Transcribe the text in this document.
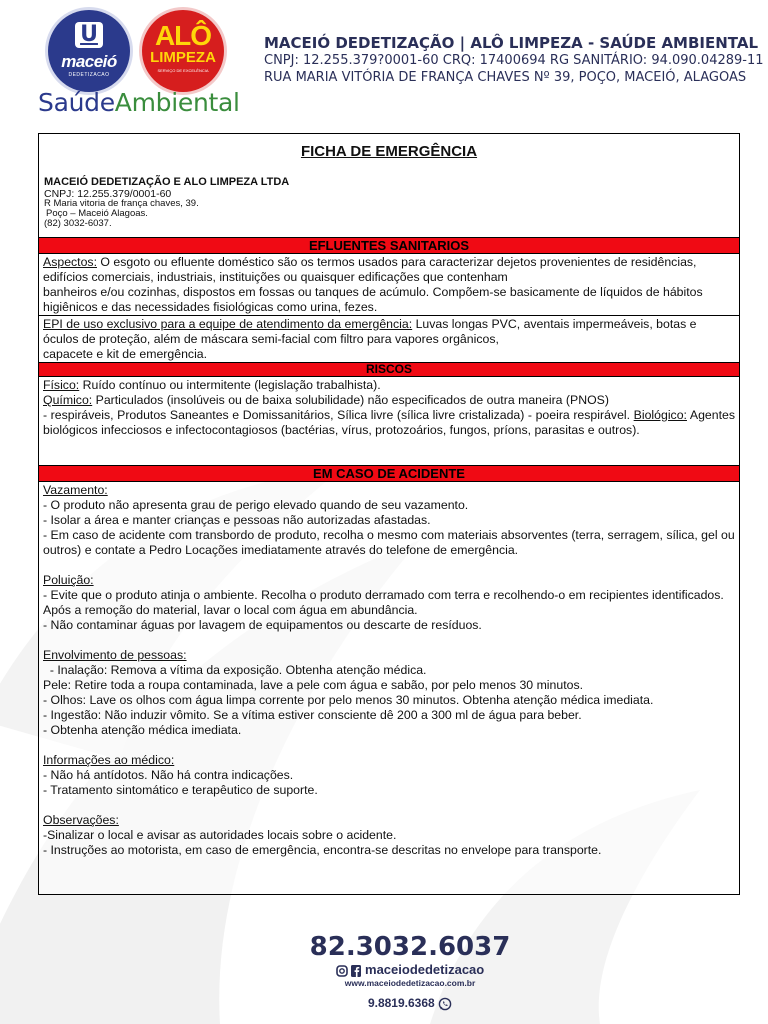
U
maceió
DEDETIZACAO
ALÔ
LIMPEZA
SERVIÇO DE EXCELÊNCIA
SaúdeAmbiental
MACEIÓ DEDETIZAÇÃO | ALÔ LIMPEZA - SAÚDE AMBIENTAL
CNPJ: 12.255.379?0001-60 CRQ: 17400694 RG SANITÁRIO: 94.090.04289-11
RUA MARIA VITÓRIA DE FRANÇA CHAVES Nº 39, POÇO, MACEIÓ, ALAGOAS
FICHA DE EMERGÊNCIA
MACEIÓ DEDETIZAÇÃO E ALO LIMPEZA LTDA
CNPJ: 12.255.379/0001-60
R Maria vitoria de frança chaves, 39.
Poço – Maceió Alagoas.
(82) 3032-6037.
EFLUENTES SANITARIOS
Aspectos: O esgoto ou efluente doméstico são os termos usados para caracterizar dejetos provenientes de residências, edifícios comerciais, industriais, instituições ou quaisquer edificações que contenham
banheiros e/ou cozinhas, dispostos em fossas ou tanques de acúmulo. Compõem-se basicamente de líquidos de hábitos higiênicos e das necessidades fisiológicas como urina, fezes.
EPI de uso exclusivo para a equipe de atendimento da emergência: Luvas longas PVC, aventais impermeáveis, botas e óculos de proteção, além de máscara semi-facial com filtro para vapores orgânicos,
capacete e kit de emergência.
RISCOS
Físico: Ruído contínuo ou intermitente (legislação trabalhista).
Químico: Particulados (insolúveis ou de baixa solubilidade) não especificados de outra maneira (PNOS)
- respiráveis, Produtos Saneantes e Domissanitários, Sílica livre (sílica livre cristalizada) - poeira respirável. Biológico: Agentes biológicos infecciosos e infectocontagiosos (bactérias, vírus, protozoários, fungos, príons, parasitas e outros).
EM CASO DE ACIDENTE
Vazamento:
- O produto não apresenta grau de perigo elevado quando de seu vazamento.
- Isolar a área e manter crianças e pessoas não autorizadas afastadas.
- Em caso de acidente com transbordo de produto, recolha o mesmo com materiais absorventes (terra, serragem, sílica, gel ou outros) e contate a Pedro Locações imediatamente através do telefone de emergência.
Poluição:
- Evite que o produto atinja o ambiente. Recolha o produto derramado com terra e recolhendo-o em recipientes identificados. Após a remoção do material, lavar o local com água em abundância.
- Não contaminar águas por lavagem de equipamentos ou descarte de resíduos.
Envolvimento de pessoas:
- Inalação: Remova a vítima da exposição. Obtenha atenção médica.
Pele: Retire toda a roupa contaminada, lave a pele com água e sabão, por pelo menos 30 minutos.
- Olhos: Lave os olhos com água limpa corrente por pelo menos 30 minutos. Obtenha atenção médica imediata.
- Ingestão: Não induzir vômito. Se a vítima estiver consciente dê 200 a 300 ml de água para beber.
- Obtenha atenção médica imediata.
Informações ao médico:
- Não há antídotos. Não há contra indicações.
- Tratamento sintomático e terapêutico de suporte.
Observações:
-Sinalizar o local e avisar as autoridades locais sobre o acidente.
- Instruções ao motorista, em caso de emergência, encontra-se descritas no envelope para transporte.
82.3032.6037
maceiodedetizacao
www.maceiodedetizacao.com.br
9.8819.6368
